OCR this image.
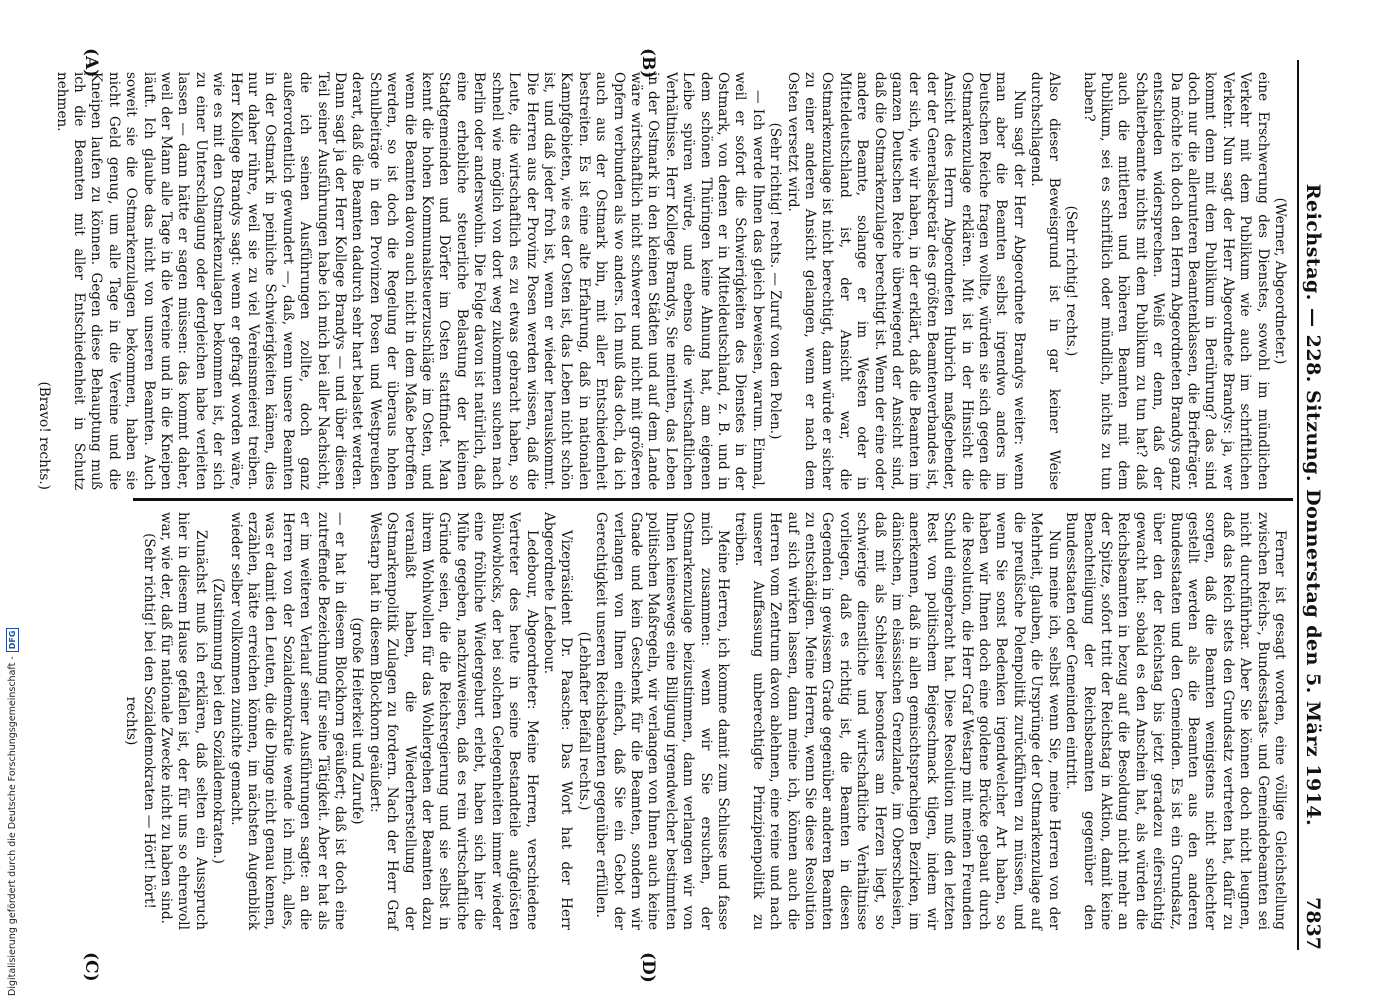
Reichstag. — 228. Sitzung. Donnerstag den 5. März 1914.
7837
(A)	(B)
(C)	(D)

(Werner, Abgeordneter.)

eine Erschwerung des Dienstes, sowohl im mündlichen Verkehr mit dem Publikum wie auch im schriftlichen Verkehr. Nun sagt der Herr Abgeordnete Brandys: ja, wer kommt denn mit dem Publikum in Berührung? das sind doch nur die allerunteren Beamtenklassen, die Briefträger. Da möchte ich doch den Herrn Abgeordneten Brandys ganz entschieden widersprechen. Weiß er denn, daß der Schalterbeamte nichts mit dem Publikum zu tun hat? daß auch die mittleren und höheren Beamten mit dem Publikum, sei es schriftlich oder mündlich, nichts zu tun haben?

(Sehr richtig! rechts.)

Also dieser Beweisgrund ist in gar keiner Weise durchschlagend.

Nun sagt der Herr Abgeordnete Brandys weiter: wenn man aber die Beamten selbst irgendwo anders im Deutschen Reiche fragen wollte, würden sie sich gegen die Ostmarkenzulage erklären. Mit ist in der Hinsicht die Ansicht des Herrn Abgeordneten Hubrich maßgebender, der der Generalsekretär des größten Beamtenverbandes ist, der sich, wie wir haben, in der erklärt, daß die Beamten im ganzen Deutschen Reiche überwiegend der Ansicht sind, daß die Ostmarkenzulage berechtigt ist. Wenn der eine oder andere Beamte, solange er im Westen oder in Mitteldeutschland ist, der Ansicht war, die Ostmarkenzulage ist nicht berechtigt, dann würde er sicher zu einer anderen Ansicht gelangen, wenn er nach dem Osten versetzt wird.

(Sehr richtig! rechts. — Zuruf von den Polen.)

— Ich werde Ihnen das gleich beweisen, warum. Einmal, weil er sofort die Schwierigkeiten des Dienstes in der Ostmark, von denen er in Mitteldeutschland, z. B. und in dem schönen Thüringen keine Ahnung hat, am eigenen Leibe spüren würde, und ebenso die wirtschaftlichen Verhältnisse. Herr Kollege Brandys, Sie meinten, das Leben in der Ostmark in den kleinen Städten und auf dem Lande wäre wirtschaftlich nicht schwerer und nicht mit größeren Opfern verbunden als wo anders. Ich muß das doch, da ich auch aus der Ostmark bin, mit aller Entschiedenheit bestreiten. Es ist eine alte Erfahrung, daß in nationalen Kampfgebieten, wie es der Osten ist, das Leben nicht schön ist, und daß jeder froh ist, wenn er wieder herauskommt. Die Herren aus der Provinz Posen werden wissen, daß die Leute, die wirtschaftlich es zu etwas gebracht haben, so schnell wie möglich von dort weg zukommen suchen nach Berlin oder anderswohin. Die Folge davon ist natürlich, daß eine erhebliche steuerliche Belastung der kleinen Stadtgemeinden und Dörfer im Osten stattfindet. Man kennt die hohen Kommunalsteuerzuschläge im Osten, und wenn die Beamten davon auch nicht in dem Maße betroffen werden, so ist doch die Regelung der überaus hohen Schulbeiträge in den Provinzen Posen und Westpreußen derart, daß die Beamten dadurch sehr hart belastet werden. Dann sagt ja der Herr Kollege Brandys — und über diesen Teil seiner Ausführungen habe ich mich bei aller Nachsicht, die ich seinen Ausführungen zollte, doch ganz außerordentlich gewundert —, daß, wenn unsere Beamten in der Ostmark in peinliche Schwierigkeiten kämen, dies nur daher rühre, weil sie zu viel Vereinsmeierei treiben. Herr Kollege Brandys sagt: wenn er gefragt worden wäre, wie es mit den Ostmarkenzulagen bekommen ist, der sich zu einer Unterschlagung oder dergleichen habe verleiten lassen — dann hätte er sagen müssen: das kommt daher, weil der Mann alle Tage in die Vereine und in die Kneipen läuft. Ich glaube das nicht von unseren Beamten. Auch soweit sie die Ostmarkenzulagen bekommen, haben sie nicht Geld genug, um alle Tage in die Vereine und die Kneipen laufen zu können. Gegen diese Behauptung muß ich die Beamten mit aller Entschiedenheit in Schutz nehmen.

(Bravo! rechts.)

Ferner ist gesagt worden, eine völlige Gleichstellung zwischen Reichs-, Bundesstaats- und Gemeindebeamten sei nicht durchführbar. Aber Sie können doch nicht leugnen, daß das Reich stets den Grundsatz vertreten hat, dafür zu sorgen, daß die Beamten wenigstens nicht schlechter gestellt werden als die Beamten aus den anderen Bundesstaaten und den Gemeinden. Es ist ein Grundsatz, über den der Reichstag bis jetzt geradezu eifersüchtig gewacht hat: sobald es den Anschein hat, als würden die Reichsbeamten in bezug auf die Besoldung nicht mehr an der Spitze, sofort tritt der Reichstag in Aktion, damit keine Benachteiligung der Reichsbeamten gegenüber den Bundesstaaten oder Gemeinden eintritt.

Nun meine ich, selbst wenn Sie, meine Herren von der Mehrheit, glauben, die Ursprünge der Ostmarkenzulage auf die preußische Polenpolitik zurückführen zu müssen, und wenn Sie sonst Bedenken irgendwelcher Art haben, so haben wir Ihnen doch eine goldene Brücke gebaut durch die Resolution, die Herr Graf Westarp mit meinen Freunden Schuld eingebracht hat. Diese Resolution muß den letzten Rest von politischem Beigeschmack tilgen, indem wir anerkennen, daß in allen gemischtsprachigen Bezirken, im dänischen, im elsässischen Grenzlande, im Oberschlesien, daß mit als Schlesier besonders am Herzen liegt, so schwierige dienstliche und wirtschaftliche Verhältnisse vorliegen, daß es richtig ist, die Beamten in diesen Gegenden in gewissem Grade gegenüber anderen Beamten zu entschädigen. Meine Herren, wenn Sie diese Resolution auf sich wirken lassen, dann meine ich, können auch die Herren vom Zentrum davon ablehnen, eine reine und nach unserer Auffassung unberechtigte Prinzipienpolitik zu treiben.

Meine Herren, ich komme damit zum Schlusse und fasse mich zusammen: wenn wir Sie ersuchen, der Ostmarkenzulage beizustimmen, dann verlangen wir von Ihnen keineswegs eine Billigung irgendwelcher bestimmten politischen Maßregeln, wir verlangen von Ihnen auch keine Gnade und kein Geschenk für die Beamten, sondern wir verlangen von Ihnen einfach, daß Sie ein Gebot der Gerechtigkeit unseren Reichsbeamten gegenüber erfüllen.

(Lebhafter Beifall rechts.)

Vizepräsident Dr. Paasche: Das Wort hat der Herr Abgeordnete Ledebour.

Ledebour, Abgeordneter: Meine Herren, verschiedene Vertreter des heute in seine Bestandteile aufgelösten Bülowblocks, der bei solchen Gelegenheiten immer wieder eine fröhliche Wiedergeburt erlebt, haben sich hier die Mühe gegeben, nachzuweisen, daß es rein wirtschaftliche Gründe seien, die die Reichsregierung und sie selbst in ihrem Wohlwollen für das Wohlergehen der Beamten dazu veranlaßt haben, die Wiederherstellung der Ostmarkenpolitik Zulagen zu fordern. Nach der Herr Graf Westarp hat in diesem Blockhorn geäußert:

(große Heiterkeit und Zurufe)

— er hat in diesem Blockhorn geäußert; daß ist doch eine zutreffende Bezeichnung für seine Tätigkeit. Aber er hat als er im weiteren Verlauf seiner Ausführungen sagte: an die Herren von der Sozialdemokratie wende ich mich, alles, was er damit den Leuten, die die Dinge nicht genau kennen, erzählen, hätte erreichen können, im nächsten Augenblick wieder selber vollkommen zunichte gemacht.

(Zustimmung bei den Sozialdemokraten.)

Zunächst muß ich erklären, daß selten ein Ausspruch hier in diesem Hause gefallen ist, der für uns so ehrenvoll war, wie der, daß für nationale Zwecke nicht zu haben sind.

(Sehr richtig! bei den Sozialdemokraten — Hört! hört! rechts)

Digitalisierung gefördert durch die Deutsche Forschungsgemeinschaft -
DFG
